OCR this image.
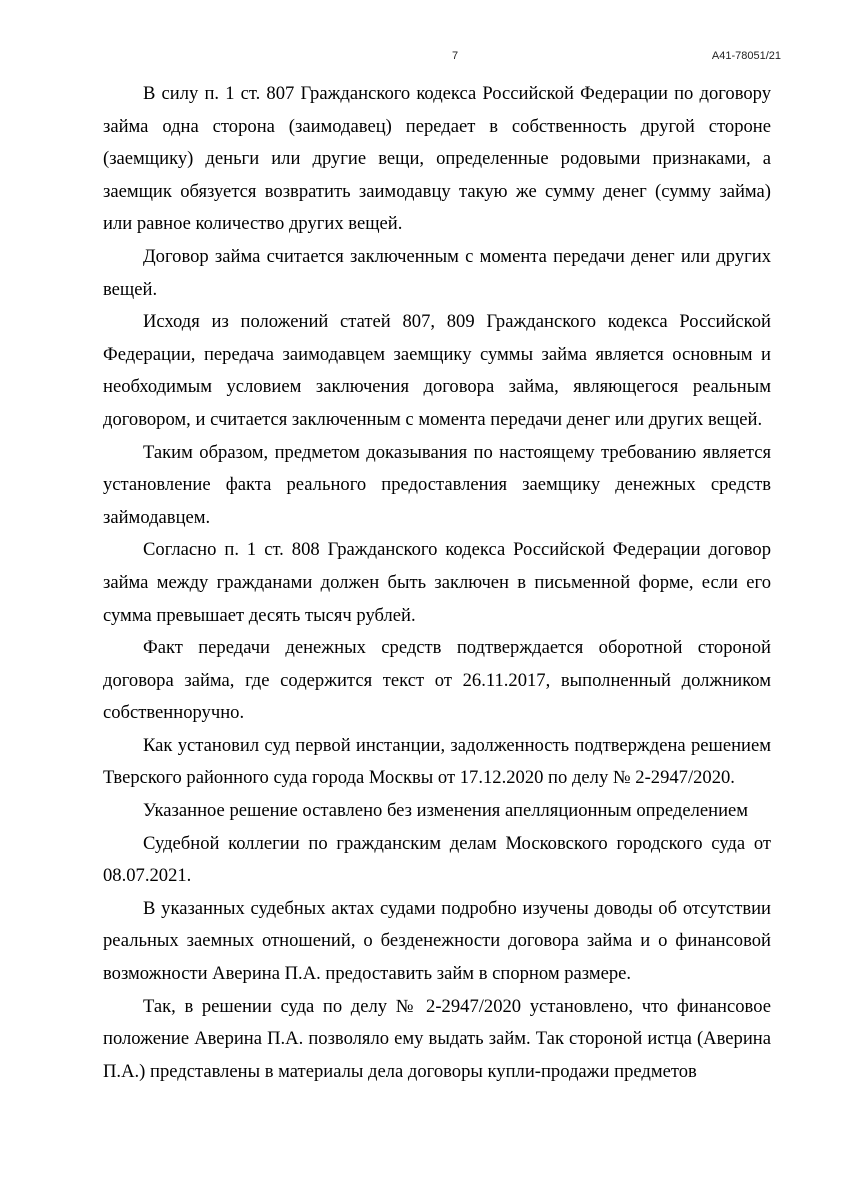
7	А41-78051/21

В силу п. 1 ст. 807 Гражданского кодекса Российской Федерации по договору займа одна сторона (заимодавец) передает в собственность другой стороне (заемщику) деньги или другие вещи, определенные родовыми признаками, а заемщик обязуется возвратить заимодавцу такую же сумму денег (сумму займа) или равное количество других вещей.

Договор займа считается заключенным с момента передачи денег или других вещей.

Исходя из положений статей 807, 809 Гражданского кодекса Российской Федерации, передача заимодавцем заемщику суммы займа является основным и необходимым условием заключения договора займа, являющегося реальным договором, и считается заключенным с момента передачи денег или других вещей.

Таким образом, предметом доказывания по настоящему требованию является установление факта реального предоставления заемщику денежных средств займодавцем.

Согласно п. 1 ст. 808 Гражданского кодекса Российской Федерации договор займа между гражданами должен быть заключен в письменной форме, если его сумма превышает десять тысяч рублей.

Факт передачи денежных средств подтверждается оборотной стороной договора займа, где содержится текст от 26.11.2017, выполненный должником собственноручно.

Как установил суд первой инстанции, задолженность подтверждена решением Тверского районного суда города Москвы от 17.12.2020 по делу № 2-2947/2020.

Указанное решение оставлено без изменения апелляционным определением

Судебной коллегии по гражданским делам Московского городского суда от 08.07.2021.

В указанных судебных актах судами подробно изучены доводы об отсутствии реальных заемных отношений, о безденежности договора займа и о финансовой возможности Аверина П.А. предоставить займ в спорном размере.

Так, в решении суда по делу № 2-2947/2020 установлено, что финансовое положение Аверина П.А. позволяло ему выдать займ. Так стороной истца (Аверина П.А.) представлены в материалы дела договоры купли-продажи предметов
